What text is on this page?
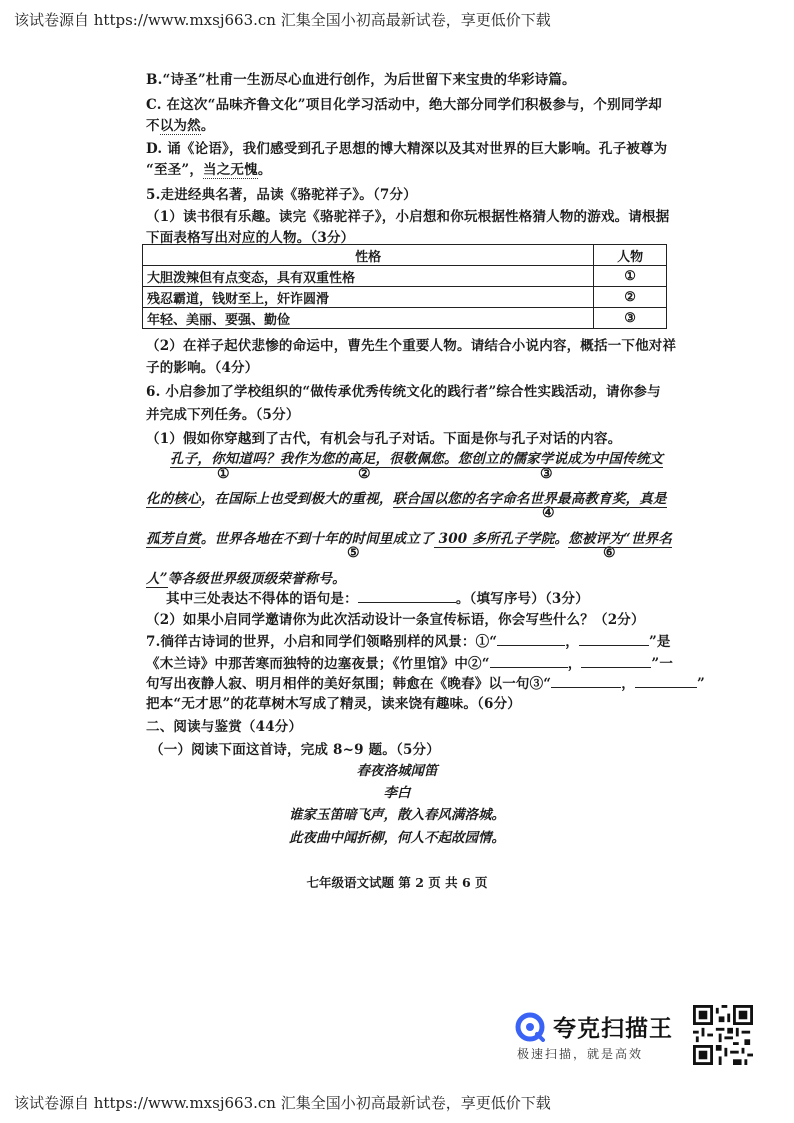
该试卷源自 https://www.mxsj663.cn 汇集全国小初高最新试卷，享更低价下载
B.“诗圣”杜甫一生沥尽心血进行创作，为后世留下来宝贵的华彩诗篇。
C. 在这次“品味齐鲁文化”项目化学习活动中，绝大部分同学们积极参与，个别同学却
不以为然。
D. 诵《论语》，我们感受到孔子思想的博大精深以及其对世界的巨大影响。孔子被尊为
“至圣”，当之无愧。
5.走进经典名著，品读《骆驼祥子》。（7分）
（1）读书很有乐趣。读完《骆驼祥子》，小启想和你玩根据性格猜人物的游戏。请根据
下面表格写出对应的人物。（3分）
性格	人物
大胆泼辣但有点变态，具有双重性格	①
残忍霸道，钱财至上，奸诈圆滑	②
年轻、美丽、要强、勤俭	③
（2）在祥子起伏悲惨的命运中，曹先生个重要人物。请结合小说内容，概括一下他对祥
子的影响。（4分）
6. 小启参加了学校组织的“做传承优秀传统文化的践行者”综合性实践活动，请你参与
并完成下列任务。（5分）
（1）假如你穿越到了古代，有机会与孔子对话。下面是你与孔子对话的内容。
孔子，你知道吗？我作为您的高足，很敬佩您。您创立的儒家学说成为中国传统文
①	②	③
化的核心，在国际上也受到极大的重视，联合国以您的名字命名世界最高教育奖，真是
④
孤芳自赏。世界各地在不到十年的时间里成立了 300 多所孔子学院。您被评为“世界名
⑤	⑥
人”等各级世界级顶级荣誉称号。
其中三处表达不得体的语句是：	。（填写序号）（3分）
（2）如果小启同学邀请你为此次活动设计一条宣传标语，你会写些什么？（2分）
7.徜徉古诗词的世界，小启和同学们领略别样的风景：①“	，	”是
《木兰诗》中那苦寒而独特的边塞夜景；《竹里馆》中②“	，	”一
句写出夜静人寂、明月相伴的美好氛围；韩愈在《晚春》以一句③“	，	”
把本“无才思”的花草树木写成了精灵，读来饶有趣味。（6分）
二、阅读与鉴赏（44分）
（一）阅读下面这首诗，完成 8~9 题。（5分）
春夜洛城闻笛
李白
谁家玉笛暗飞声，散入春风满洛城。
此夜曲中闻折柳，何人不起故园情。
七年级语文试题 第 2 页 共 6 页
夸克扫描王
极速扫描，就是高效
该试卷源自 https://www.mxsj663.cn 汇集全国小初高最新试卷，享更低价下载
